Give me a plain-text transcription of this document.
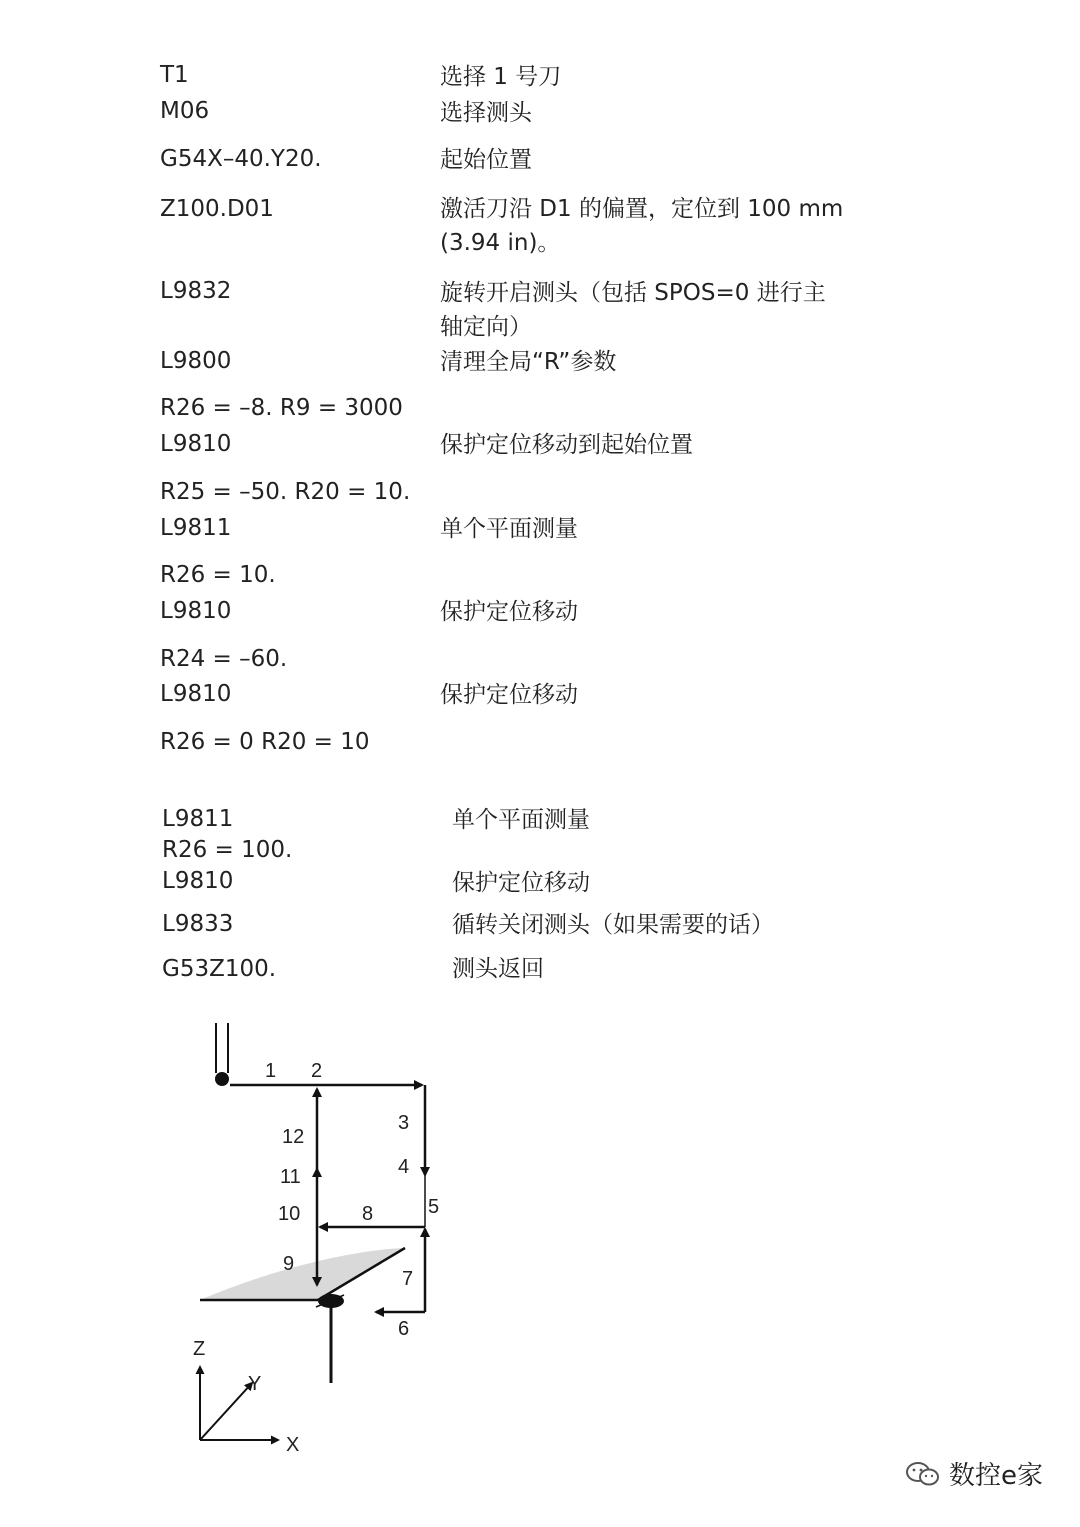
T1	选择 1 号刀
M06	选择测头
G54X–40.Y20.	起始位置
Z100.D01	激活刀沿 D1 的偏置，定位到 100 mm
(3.94 in)。
L9832	旋转开启测头（包括 SPOS=0 进行主
轴定向）
L9800	清理全局“R”参数
R26 = –8. R9 = 3000
L9810	保护定位移动到起始位置
R25 = –50. R20 = 10.
L9811	单个平面测量
R26 = 10.
L9810	保护定位移动
R24 = –60.
L9810	保护定位移动
R26 = 0 R20 = 10
L9811	单个平面测量
R26 = 100.
L9810	保护定位移动
L9833	循转关闭测头（如果需要的话）
G53Z100.	测头返回
1 2
3
4
5
6
7
8
9
10
11
12
Z
Y
X
数控e家
